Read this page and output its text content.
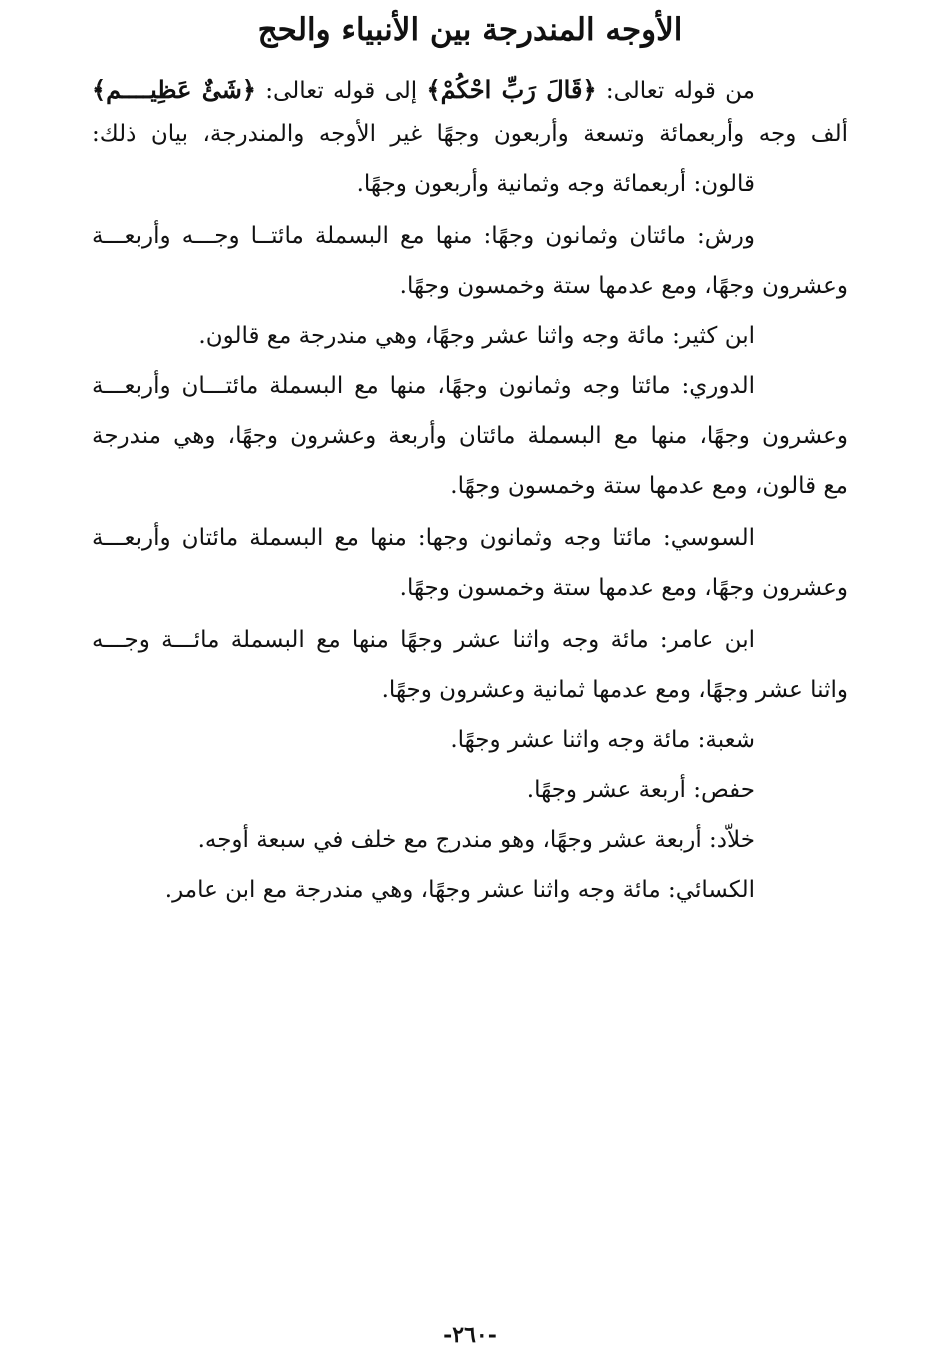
الأوجه المندرجة بين الأنبياء والحج
من قوله تعالى: ﴿قَالَ رَبِّ احْكُمْ﴾ إلى قوله تعالى: ﴿شَئٌ عَظِيــــم﴾
ألف وجه وأربعمائة وتسعة وأربعون وجهًا غير الأوجه والمندرجة، بيان ذلك:
قالون: أربعمائة وجه وثمانية وأربعون وجهًا.
ورش: مائتان وثمانون وجهًا: منها مع البسملة مائتــا وجـــه وأربعـــة
وعشرون وجهًا، ومع عدمها ستة وخمسون وجهًا.
ابن كثير: مائة وجه واثنا عشر وجهًا، وهي مندرجة مع قالون.
الدوري: مائتا وجه وثمانون وجهًا، منها مع البسملة مائتـــان وأربعـــة
وعشرون وجهًا، منها مع البسملة مائتان وأربعة وعشرون وجهًا، وهي مندرجة
مع قالون، ومع عدمها ستة وخمسون وجهًا.
السوسي: مائتا وجه وثمانون وجها: منها مع البسملة مائتان وأربعـــة
وعشرون وجهًا، ومع عدمها ستة وخمسون وجهًا.
ابن عامر: مائة وجه واثنا عشر وجهًا منها مع البسملة مائـــة وجـــه
واثنا عشر وجهًا، ومع عدمها ثمانية وعشرون وجهًا.
شعبة: مائة وجه واثنا عشر وجهًا.
حفص: أربعة عشر وجهًا.
خلاّد: أربعة عشر وجهًا، وهو مندرج مع خلف في سبعة أوجه.
الكسائي: مائة وجه واثنا عشر وجهًا، وهي مندرجة مع ابن عامر.
-٢٦٠-
